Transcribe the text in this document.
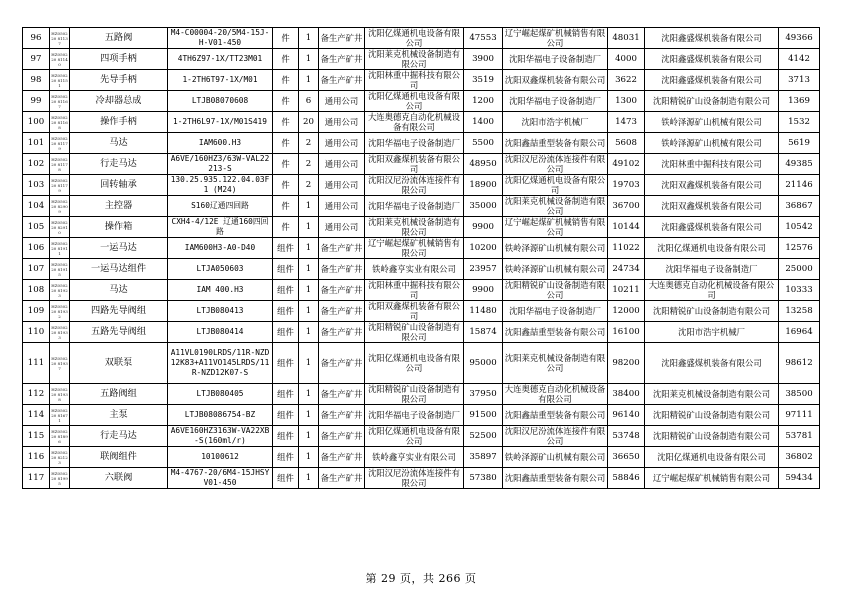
96	HZ050220 81137	五路阀	M4-C00004-20/5M4-15J-H-V01-450	件	1	备生产矿井	沈阳亿煤通机电设备有限公司	47553	辽宁崛起煤矿机械销售有限公司	48031	沈阳鑫盛煤机装备有限公司	49366
97	HZ050220 81140	四项手柄	4TH6Z97-1X/TT23M01	件	1	备生产矿井	沈阳莱克机械设备制造有限公司	3900	沈阳华福电子设备制造厂	4000	沈阳鑫盛煤机装备有限公司	4142
98	HZ050220 81151	先导手柄	1-2TH6T97-1X/M01	件	1	备生产矿井	沈阳林重中掘科技有限公司	3519	沈阳双鑫煤机装备有限公司	3622	沈阳鑫盛煤机装备有限公司	3713
99	HZ050220 81167	冷却器总成	LTJB08070608	件	6	通用公司	沈阳亿煤通机电设备有限公司	1200	沈阳华福电子设备制造厂	1300	沈阳精锐矿山设备制造有限公司	1369
100	HZ050220 81168	操作手柄	1-2TH6L97-1X/M01S419	件	20	通用公司	大连奥德克自动化机械设备有限公司	1400	沈阳市浩宇机械厂	1473	铁岭泽源矿山机械有限公司	1532
101	HZ050220 81179	马达	IAM600.H3	件	2	通用公司	沈阳华福电子设备制造厂	5500	沈阳鑫喆重型装备有限公司	5608	铁岭泽源矿山机械有限公司	5619
102	HZ050220 81178	行走马达	A6VE/160HZ3/63W-VAL22213-S	件	2	通用公司	沈阳双鑫煤机装备有限公司	48950	沈阳汉尼汾流体连接件有限公司	49102	沈阳林重中掘科技有限公司	49385
103	HZ050220 81179	回转轴承	130.25.935.122.04.03F1 (M24)	件	2	通用公司	沈阳汉尼汾流体连接件有限公司	18900	沈阳亿煤通机电设备有限公司	19703	沈阳双鑫煤机装备有限公司	21146
104	HZ050220 82909	主控器	S160辽通四回路	件	1	通用公司	沈阳华福电子设备制造厂	35000	沈阳莱克机械设备制造有限公司	36700	沈阳双鑫煤机装备有限公司	36867
105	HZ050220 82910	操作箱	CXH4-4/12E 辽通160四回路	件	1	通用公司	沈阳莱克机械设备制造有限公司	9900	辽宁崛起煤矿机械销售有限公司	10144	沈阳鑫盛煤机装备有限公司	10542
106	HZ050220 81911	一运马达	IAM600H3-A0-D40	组件	1	备生产矿井	辽宁崛起煤矿机械销售有限公司	10200	铁岭泽源矿山机械有限公司	11022	沈阳亿煤通机电设备有限公司	12576
107	HZ050220 81915	一运马达组件	LTJA050603	组件	1	备生产矿井	铁岭鑫亨实业有限公司	23957	铁岭泽源矿山机械有限公司	24734	沈阳华福电子设备制造厂	25000
108	HZ050220 81923	马达	IAM 400.H3	组件	1	备生产矿井	沈阳林重中掘科技有限公司	9900	沈阳精锐矿山设备制造有限公司	10211	大连奥德克自动化机械设备有限公司	10333
109	HZ050220 81932	四路先导阀组	LTJB080413	组件	1	备生产矿井	沈阳双鑫煤机装备有限公司	11480	沈阳华福电子设备制造厂	12000	沈阳精锐矿山设备制造有限公司	13258
110	HZ050220 81933	五路先导阀组	LTJB080414	组件	1	备生产矿井	沈阳精锐矿山设备制造有限公司	15874	沈阳鑫喆重型装备有限公司	16100	沈阳市浩宇机械厂	16964
111	HZ050220 81937	双联泵	A11VL0190LRDS/11R-NZD12K83+A11VO145LRDS/11R-NZD12K07-S	组件	1	备生产矿井	沈阳亿煤通机电设备有限公司	95000	沈阳莱克机械设备制造有限公司	98200	沈阳鑫盛煤机装备有限公司	98612
112	HZ050220 81938	五路阀组	LTJB080405	组件	1	备生产矿井	沈阳精锐矿山设备制造有限公司	37950	大连奥德克自动化机械设备有限公司	38400	沈阳莱克机械设备制造有限公司	38500
114	HZ050220 81671	主泵	LTJB08086754-BZ	组件	1	备生产矿井	沈阳华福电子设备制造厂	91500	沈阳鑫喆重型装备有限公司	96140	沈阳精锐矿山设备制造有限公司	97111
115	HZ050220 81896	行走马达	A6VE160HZ3163W-VA22XB-S(160ml/r)	组件	1	备生产矿井	沈阳亿煤通机电设备有限公司	52500	沈阳汉尼汾流体连接件有限公司	53748	沈阳精锐矿山设备制造有限公司	53781
116	HZ050220 82123	联阀组件	10100612	组件	1	备生产矿井	铁岭鑫亨实业有限公司	35897	铁岭泽源矿山机械有限公司	36650	沈阳亿煤通机电设备有限公司	36802
117	HZ050220 81995	六联阀	M4-4767-20/6M4-15JHSYV01-450	组件	1	备生产矿井	沈阳汉尼汾流体连接件有限公司	57380	沈阳鑫喆重型装备有限公司	58846	辽宁崛起煤矿机械销售有限公司	59434
第 29 页，共 266 页
